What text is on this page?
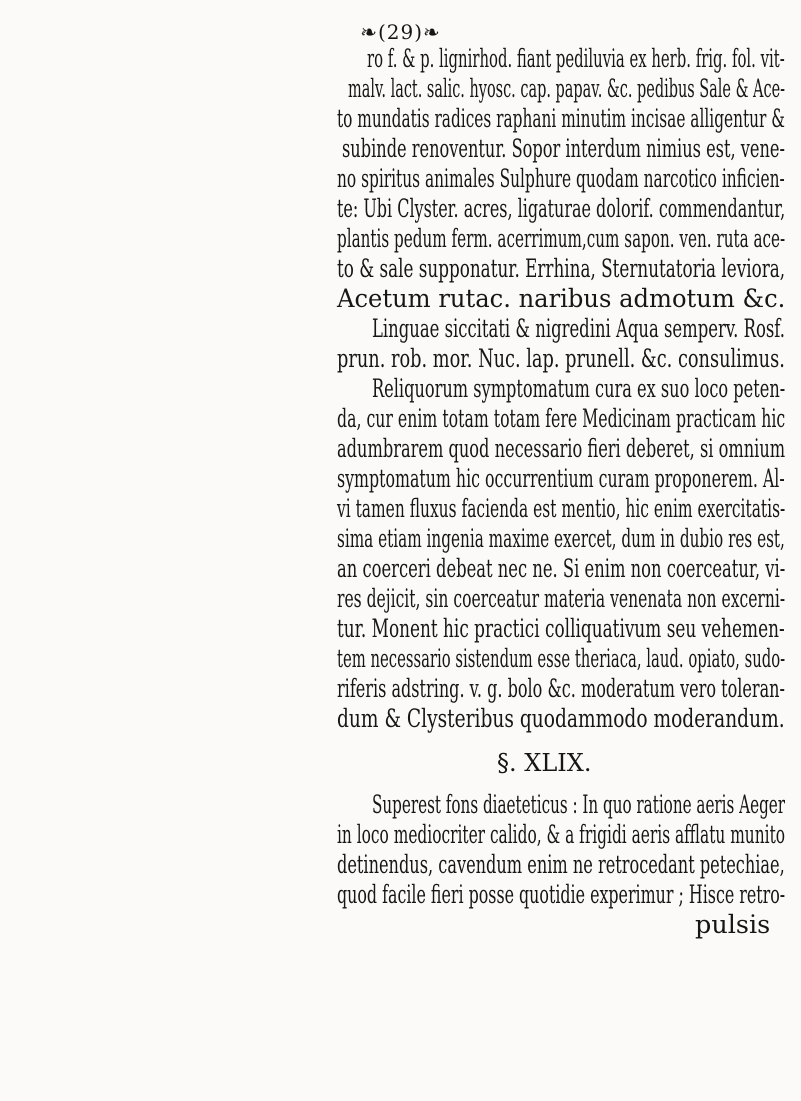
❧(29)❧
ro f. & p. lignirhod. fiant pediluvia ex herb. frig. fol. vit-
malv. lact. salic. hyosc. cap. papav. &c. pedibus Sale & Ace-
to mundatis radices raphani minutim incisae alligentur &
subinde renoventur. Sopor interdum nimius est, vene-
no spiritus animales Sulphure quodam narcotico inficien-
te: Ubi Clyster. acres, ligaturae dolorif. commendantur,
plantis pedum ferm. acerrimum,cum sapon. ven. ruta ace-
to & sale supponatur. Errhina, Sternutatoria leviora,
Acetum rutac. naribus admotum &c.
Linguae siccitati & nigredini Aqua semperv. Rosf.
prun. rob. mor. Nuc. lap. prunell. &c. consulimus.
Reliquorum symptomatum cura ex suo loco peten-
da, cur enim totam totam fere Medicinam practicam hic
adumbrarem quod necessario fieri deberet, si omnium
symptomatum hic occurrentium curam proponerem. Al-
vi tamen fluxus facienda est mentio, hic enim exercitatis-
sima etiam ingenia maxime exercet, dum in dubio res est,
an coerceri debeat nec ne. Si enim non coerceatur, vi-
res dejicit, sin coerceatur materia venenata non excerni-
tur. Monent hic practici colliquativum seu vehemen-
tem necessario sistendum esse theriaca, laud. opiato, sudo-
riferis adstring. v. g. bolo &c. moderatum vero toleran-
dum & Clysteribus quodammodo moderandum.
§. XLIX.
Superest fons diaeteticus : In quo ratione aeris Aeger
in loco mediocriter calido, & a frigidi aeris afflatu munito
detinendus, cavendum enim ne retrocedant petechiae,
quod facile fieri posse quotidie experimur ; Hisce retro-
pulsis
